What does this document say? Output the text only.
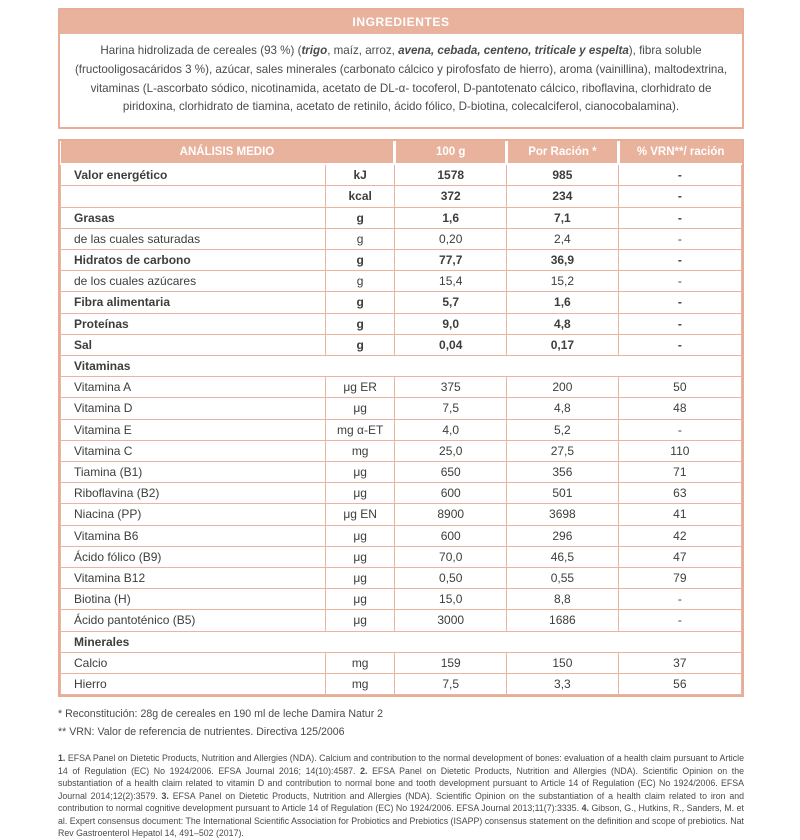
INGREDIENTES
Harina hidrolizada de cereales (93 %) (trigo, maíz, arroz, avena, cebada, centeno, triticale y espelta), fibra soluble (fructooligosacáridos 3 %), azúcar, sales minerales (carbonato cálcico y pirofosfato de hierro), aroma (vainillina), maltodextrina, vitaminas (L-ascorbato sódico, nicotinamida, acetato de DL-α- tocoferol, D-pantotenato cálcico, riboflavina, clorhidrato de piridoxina, clorhidrato de tiamina, acetato de retinilo, ácido fólico, D-biotina, colecalciferol, cianocobalamina).
ANÁLISIS MEDIO		100 g	Por Ración *	% VRN**/ ración
Valor energético	kJ	1578	985	-
	kcal	372	234	-
Grasas	g	1,6	7,1	-
de las cuales saturadas	g	0,20	2,4	-
Hidratos de carbono	g	77,7	36,9	-
de los cuales azúcares	g	15,4	15,2	-
Fibra alimentaria	g	5,7	1,6	-
Proteínas	g	9,0	4,8	-
Sal	g	0,04	0,17	-
Vitaminas				
Vitamina A	μg ER	375	200	50
Vitamina D	μg	7,5	4,8	48
Vitamina E	mg α-ET	4,0	5,2	-
Vitamina C	mg	25,0	27,5	110
Tiamina (B1)	μg	650	356	71
Riboflavina (B2)	μg	600	501	63
Niacina (PP)	μg EN	8900	3698	41
Vitamina B6	μg	600	296	42
Ácido fólico (B9)	μg	70,0	46,5	47
Vitamina B12	μg	0,50	0,55	79
Biotina (H)	μg	15,0	8,8	-
Ácido pantoténico (B5)	μg	3000	1686	-
Minerales				
Calcio	mg	159	150	37
Hierro	mg	7,5	3,3	56
* Reconstitución: 28g de cereales en 190 ml de leche Damira Natur 2
** VRN: Valor de referencia de nutrientes. Directiva 125/2006
1. EFSA Panel on Dietetic Products, Nutrition and Allergies (NDA). Calcium and contribution to the normal development of bones: evaluation of a health claim pursuant to Article 14 of Regulation (EC) No 1924/2006. EFSA Journal 2016; 14(10):4587. 2. EFSA Panel on Dietetic Products, Nutrition and Allergies (NDA). Scientific Opinion on the substantiation of a health claim related to vitamin D and contribution to normal bone and tooth development pursuant to Article 14 of Regulation (EC) No 1924/2006. EFSA Journal 2014;12(2):3579. 3. EFSA Panel on Dietetic Products, Nutrition and Allergies (NDA). Scientific Opinion on the substantiation of a health claim related to iron and contribution to normal cognitive development pursuant to Article 14 of Regulation (EC) No 1924/2006. EFSA Journal 2013;11(7):3335. 4. Gibson, G., Hutkins, R., Sanders, M. et al. Expert consensus document: The International Scientific Association for Probiotics and Prebiotics (ISAPP) consensus statement on the definition and scope of prebiotics. Nat Rev Gastroenterol Hepatol 14, 491–502 (2017).
